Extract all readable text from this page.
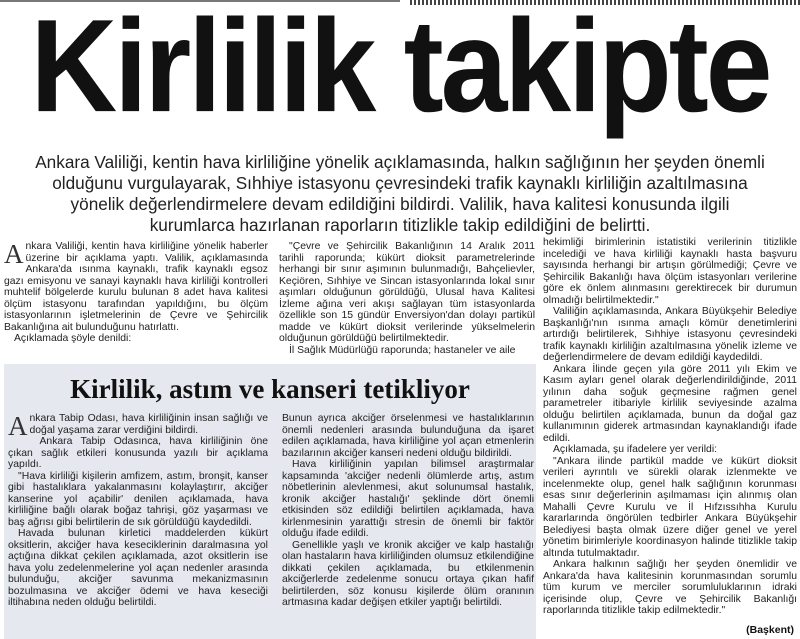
Kirlilik takipte
Ankara Valiliği, kentin hava kirliliğine yönelik açıklamasında, halkın sağlığının her şeyden önemli olduğunu vurgulayarak, Sıhhiye istasyonu çevresindeki trafik kaynaklı kirliliğin azaltılmasına yönelik değerlendirmelere devam edildiğini bildirdi. Valilik, hava kalitesi konusunda ilgili kurumlarca hazırlanan raporların titizlikle takip edildiğini de belirtti.

Ankara Valiliği, kentin hava kirliliğine yönelik haberler üzerine bir açıklama yaptı. Valilik, açıklamasında Ankara'da ısınma kaynaklı, trafik kaynaklı egsoz gazı emisyonu ve sanayi kaynaklı hava kirliliği kontrolleri muhtelif bölgelerde kurulu bulunan 8 adet hava kalitesi ölçüm istasyonu tarafından yapıldığını, bu ölçüm istasyonlarının işletmelerinin de Çevre ve Şehircilik Bakanlığına ait bulunduğunu hatırlattı.

Açıklamada şöyle denildi:

"Çevre ve Şehircilik Bakanlığının 14 Aralık 2011 tarihli raporunda; kükürt dioksit parametrelerinde herhangi bir sınır aşımının bulunmadığı, Bahçelievler, Keçiören, Sıhhiye ve Sincan istasyonlarında lokal sınır aşımları olduğunun görüldüğü, Ulusal hava Kalitesi İzleme ağına veri akışı sağlayan tüm istasyonlarda özellikle son 15 gündür Enversiyon'dan dolayı partikül madde ve kükürt dioksit verilerinde yükselmelerin olduğunun görüldüğü belirtilmektedir.

İl Sağlık Müdürlüğü raporunda; hastaneler ve aile

hekimliği birimlerinin istatistiki verilerinin titizlikle incelediği ve hava kirliliği kaynaklı hasta başvuru sayısında herhangi bir artışın görülmediği; Çevre ve Şehircilik Bakanlığı hava ölçüm istasyonları verilerine göre ek önlem alınmasını gerektirecek bir durumun olmadığı belirtilmektedir."

Valiliğin açıklamasında, Ankara Büyükşehir Belediye Başkanlığı'nın ısınma amaçlı kömür denetimlerini artırdığı belirtilerek, Sıhhiye istasyonu çevresindeki trafik kaynaklı kirliliğin azaltılmasına yönelik izleme ve değerlendirmelere de devam edildiği kaydedildi.

Ankara İlinde geçen yıla göre 2011 yılı Ekim ve Kasım ayları genel olarak değerlendirildiğinde, 2011 yılının daha soğuk geçmesine rağmen genel parametreler itibariyle kirlilik seviyesinde azalma olduğu belirtilen açıklamada, bunun da doğal gaz kullanımının giderek artmasından kaynaklandığı ifade edildi.

Açıklamada, şu ifadelere yer verildi:

"Ankara ilinde partikül madde ve kükürt dioksit verileri ayrıntılı ve sürekli olarak izlenmekte ve incelenmekte olup, genel halk sağlığının korunması esas sınır değerlerinin aşılmaması için alınmış olan Mahalli Çevre Kurulu ve İl Hıfzıssıhha Kurulu kararlarında öngörülen tedbirler Ankara Büyükşehir Belediyesi başta olmak üzere diğer genel ve yerel yönetim birimleriyle koordinasyon halinde titizlikle takip altında tutulmaktadır.

Ankara halkının sağlığı her şeyden önemlidir ve Ankara'da hava kalitesinin korunmasından sorumlu tüm kurum ve merciler sorumluluklarının idraki içerisinde olup, Çevre ve Şehircilik Bakanlığı raporlarında titizlikle takip edilmektedir."

Kirlilik, astım ve kanseri tetikliyor

Ankara Tabip Odası, hava kirliliğinin insan sağlığı ve doğal yaşama zarar verdiğini bildirdi.

Ankara Tabip Odasınca, hava kirliliğinin öne çıkan sağlık etkileri konusunda yazılı bir açıklama yapıldı.

"Hava kirliliği kişilerin amfizem, astım, bronşit, kanser gibi hastalıklara yakalanmasını kolaylaştırır, akciğer kanserine yol açabilir' denilen açıklamada, hava kirliliğine bağlı olarak boğaz tahrişi, göz yaşarması ve baş ağrısı gibi belirtilerin de sık görüldüğü kaydedildi.

Havada bulunan kirletici maddelerden kükürt oksitlerin, akciğer hava keseciklerinin daralmasına yol açtığına dikkat çekilen açıklamada, azot oksitlerin ise hava yolu zedelenmelerine yol açan nedenler arasında bulunduğu, akciğer savunma mekanizmasının bozulmasına ve akciğer ödemi ve hava keseciği iltihabına neden olduğu belirtildi.

Bunun ayrıca akciğer örselenmesi ve hastalıklarının önemli nedenleri arasında bulunduğuna da işaret edilen açıklamada, hava kirliliğine yol açan etmenlerin bazılarının akciğer kanseri nedeni olduğu bildirildi.

Hava kirliliğinin yapılan bilimsel araştırmalar kapsamında 'akciğer nedenli ölümlerde artış, astım nöbetlerinin alevlenmesi, akut solunumsal hastalık, kronik akciğer hastalığı' şeklinde dört önemli etkisinden söz edildiği belirtilen açıklamada, hava kirlenmesinin yarattığı stresin de önemli bir faktör olduğu ifade edildi.

Genellikle yaşlı ve kronik akciğer ve kalp hastalığı olan hastaların hava kirliliğinden olumsuz etkilendiğine dikkati çekilen açıklamada, bu etkilenmenin akciğerlerde zedelenme sonucu ortaya çıkan hafif belirtilerden, söz konusu kişilerde ölüm oranının artmasına kadar değişen etkiler yaptığı belirtildi.

(Başkent)
